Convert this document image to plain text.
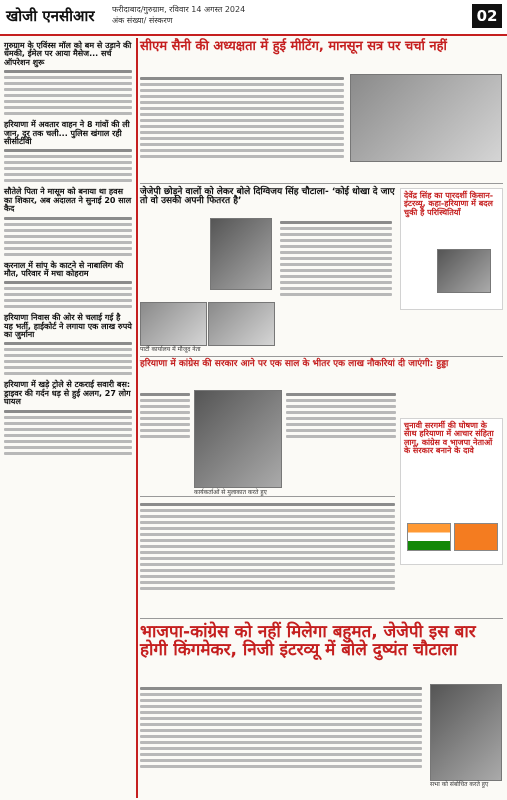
खोजी एनसीआर फरीदाबाद/गुरुग्राम, रविवार 14 अगस्त 2024
अंक संख्या/ संस्करण	02
गुरुग्राम के एविंस्स मॉल को बम से उड़ाने की धमकी, ईमेल पर आया मैसेज... सर्च ऑपरेशन शुरू
हरियाणा में अवतार वाहन ने 8 गांवों की ली जान, दूर तक चली... पुलिस खंगाल रही सीसीटीवी
सौतेले पिता ने मासूम को बनाया था हवस का शिकार, अब अदालत ने सुनाई 20 साल कैद
करनाल में सांप के काटने से नाबालिग की मौत, परिवार में मचा कोहराम
हरियाणा निवास की ओर से चलाई गई है यह भर्ती, हाईकोर्ट ने लगाया एक लाख रुपये का जुर्माना
हरियाणा में खड़े ट्रोले से टकराई सवारी बस: ड्राइवर की गर्दन धड़ से हुई अलग, 27 लोग घायल
सीएम सैनी की अध्यक्षता में हुई मीटिंग, मानसून सत्र पर चर्चा नहीं
जेजेपी छोड़ने वालों को लेकर बोले दिग्विजय सिंह चौटाला- ‘कोई धोखा दे जाए तो वो उसकी अपनी फितरत है’
पार्टी कार्यालय में मौजूद नेता
देवेंद्र सिंह का पारदर्शी किसान-इंटरव्यू, कहा-हरियाणा में बदल चुकी है परिस्थितियाँ
हरियाणा में कांग्रेस की सरकार आने पर एक साल के भीतर एक लाख नौकरियां दी जाएंगी: हुड्डा
कार्यकर्ताओं से मुलाकात करते हुए
चुनावी सरगर्मी की घोषणा के साथ हरियाणा में आचार संहिता लागू, कांग्रेस व भाजपा नेताओं के सरकार बनाने के दावे
भाजपा-कांग्रेस को नहीं मिलेगा बहुमत, जेजेपी इस बार होगी किंगमेकर, निजी इंटरव्यू में बोले दुष्यंत चौटाला
सभा को संबोधित करते हुए
